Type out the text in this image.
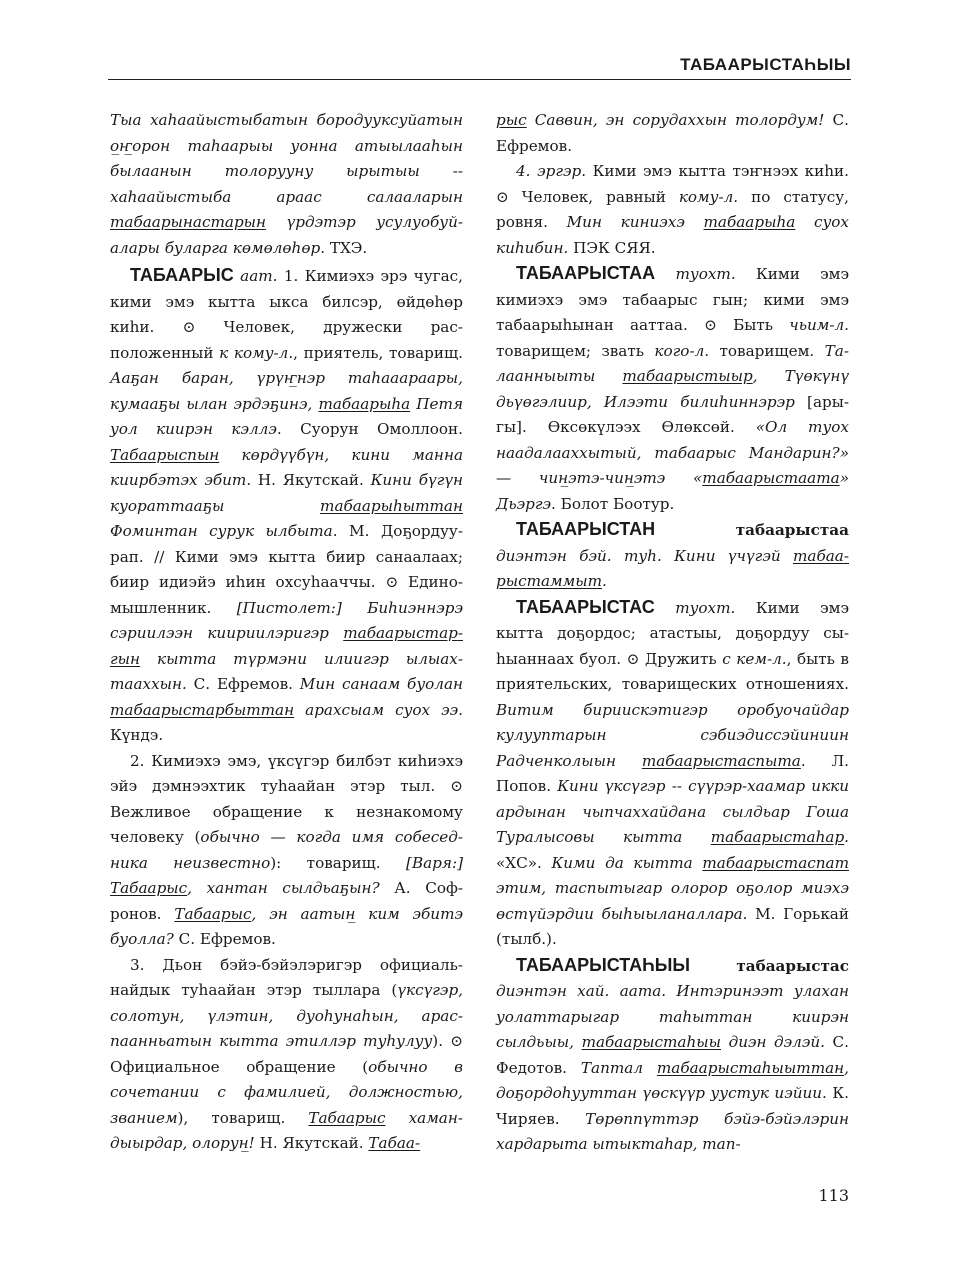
ТАБААРЫСТАҺЫЫ

Тыа хаһаайыстыбатын бородууксуйатын о̲ҥ̲орон таһаарыы уонна атыылааһын былаанын толорууну ырытыы -- хаһаайыстыба араас салааларын табаарынастарын үрдэтэр усулуобуйалары буларга көмөлөһөр. ТХЭ.

ТАБААРЫС аат. 1. Кимиэхэ эрэ чугас, кими эмэ кытта ыкса билсэр, өйдөһөр киһи. ⊙ Человек, дружески расположенный к кому-л., приятель, товарищ. Ааҕан баран, үрүҥ̲нэр таһааараары, кумааҕы ылан эрдэҕинэ, табаарыһа Петя уол киирэн кэллэ. Суорун Омоллоон. Табаарыспын көрдүүбүн, кини манна киирбэтэх эбит. Н. Якутскай. Кини бүгүн куораттааҕы табаарыһыттан Фоминтан сурук ылбыта. М. Доҕордуурап. // Кими эмэ кытта биир санаалаах; биир идиэйэ иһин охсуһааччы. ⊙ Единомышленник. [Пистолет:] Биһиэннэрэ сэриилээн киириилэригэр табаарыстаргын кытта түрмэни илиигэр ылыахтаахxын. С. Ефремов. Мин санаам буолан табаарыстарбыттан арахсыам суох ээ. Күндэ.

2. Кимиэхэ эмэ, үксүгэр билбэт киһиэхэ эйэ дэмнээхтик туһаайан этэр тыл. ⊙ Вежливое обращение к незнакомому человеку (обычно — когда имя собеседника неизвестно): товарищ. [Варя:] Табаарыс, хантан сылдьаҕын? А. Софронов. Табаарыс, эн аатын̲ ким эбитэ буолла? С. Ефремов.

3. Дьон бэйэ-бэйэлэригэр официальнайдык туһаайан этэр тыллара (үксүгэр, солотун, үлэтин, дуоһунаһын, араспаанньатын кытта этиллэр туһулуу). ⊙ Официальное обращение (обычно в сочетании с фамилией, должностью, званием), товарищ. Табаарыс хамандыырдар, олорун̲! Н. Якутскай. Табаа-

рыс Саввин, эн сорудаххын толордум! С. Ефремов.

4. эргэр. Кими эмэ кытта тэҥнээх киһи. ⊙ Человек, равный кому-л. по статусу, ровня. Мин киниэхэ табаарыһа суох киһибин. ПЭК СЯЯ.

ТАБААРЫСТАА туохт. Кими эмэ кимиэхэ эмэ табаарыс гын; кими эмэ табаарыһынан ааттаа. ⊙ Быть чьим-л. товарищем; звать кого-л. товарищем. Талаанныыты табаарыстыыр, Түөкүнү дьүөгэлиир, Илээти билиһиннэрэр [арыгы]. Өксөкүлээх Өлөксөй. «Ол туох наадалааххытый, табаарыс Мандарин?» — чин̲этэ-чин̲этэ «табаарыстаата» Дьэргэ. Болот Боотур.

ТАБААРЫСТАН табаарыстаа диэнтэн бэй. туһ. Кини үчүгэй табаарыстаммыт.

ТАБААРЫСТАС туохт. Кими эмэ кытта доҕордос; атастыы, доҕордуу сыһыаннаах буол. ⊙ Дружить с кем-л., быть в приятельских, товарищеских отношениях. Витим бириискэтигэр оробуочайдар кулууптарын сэбиэдиссэйиниин Радченколыын табаарыстаспыта. Л. Попов. Кини үксүгэр -- сүүрэр-хаамар икки ардынан чыпчаххайдана сылдьар Гоша Туралысовы кытта табаарыстаһар. «ХС». Кими да кытта табаарыстаспат этим, таспытыгар олорор оҕолор миэхэ өстүйэрдии быһыыланаллара. М. Горькай (тылб.).

ТАБААРЫСТАҺЫЫ табаарыстас диэнтэн хай. аата. Интэринээт улахан уолаттарыгар таһыттан киирэн сылдьыы, табаарыстаһыы диэн дэлэй. С. Федотов. Таптал табаарыстаһыыттан, доҕордоһууттан үөскүүр уустук иэйии. К. Чиряев. Төрөппүттэр бэйэ-бэйэлэрин хардарыта ытыктаһар, тап-

113
